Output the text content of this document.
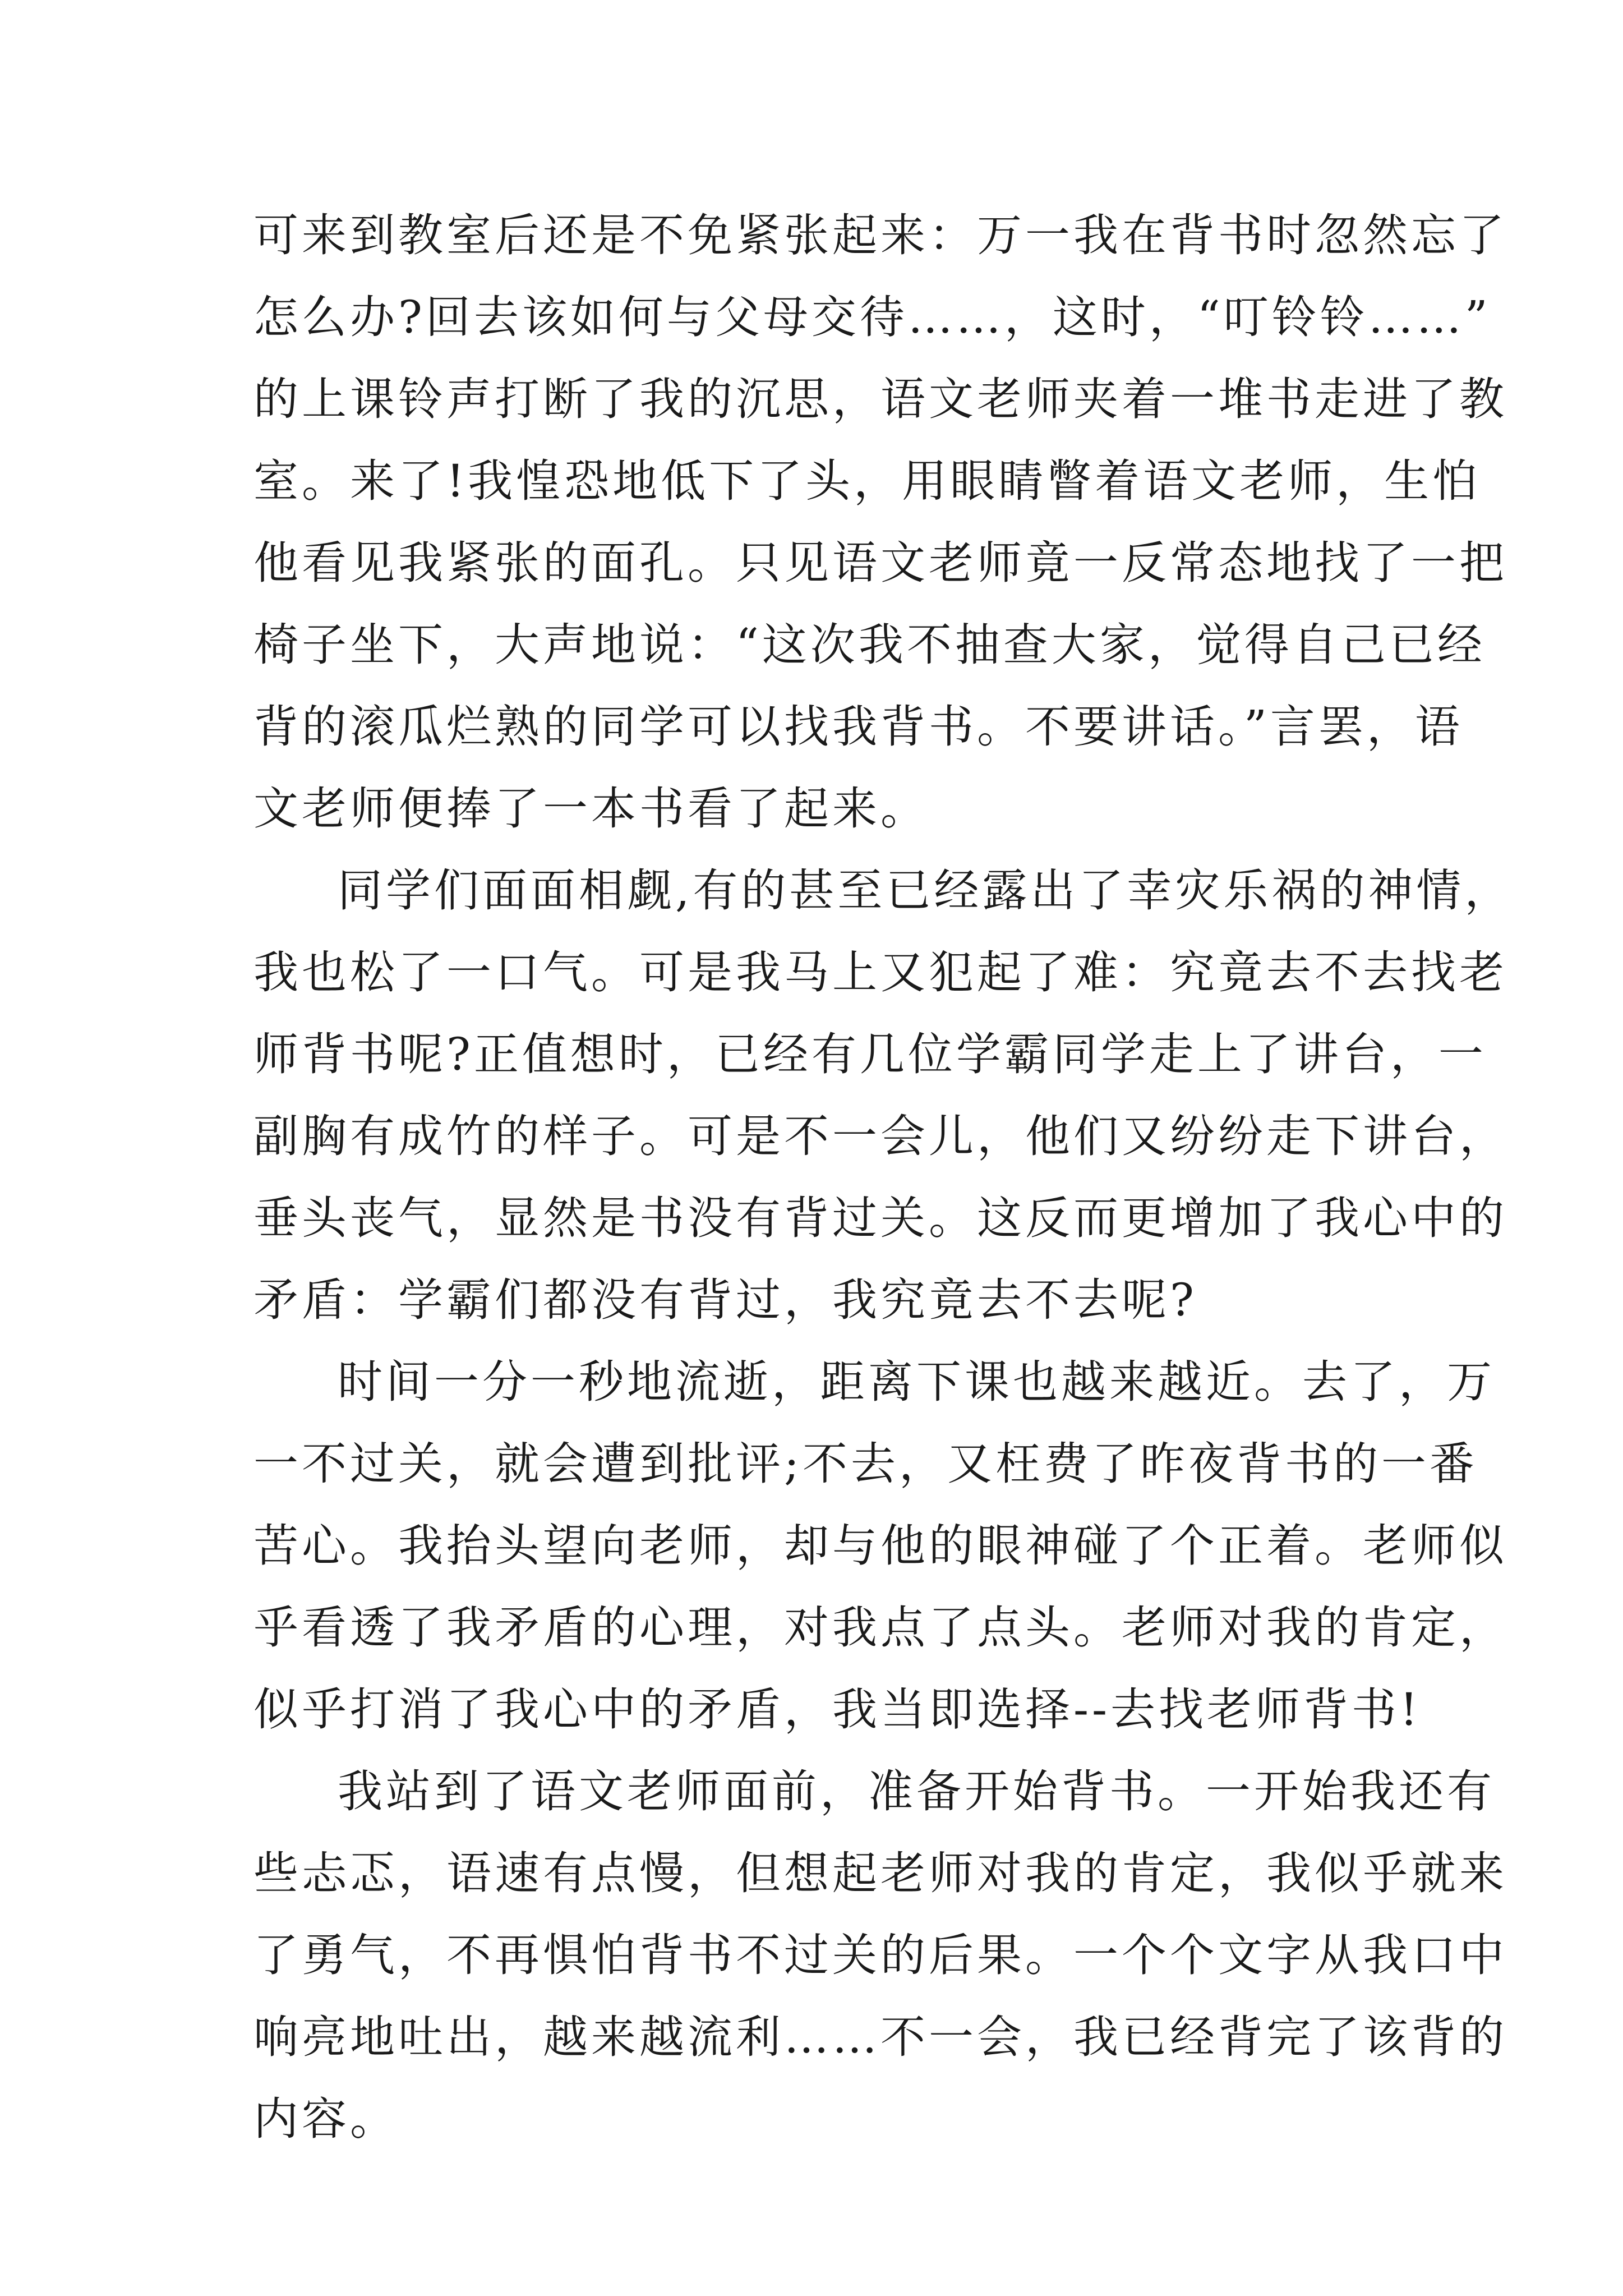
可来到教室后还是不免紧张起来：万一我在背书时忽然忘了
怎么办?回去该如何与父母交待……，这时，“叮铃铃……”
的上课铃声打断了我的沉思，语文老师夹着一堆书走进了教
室。来了!我惶恐地低下了头，用眼睛瞥着语文老师，生怕
他看见我紧张的面孔。只见语文老师竟一反常态地找了一把
椅子坐下，大声地说：“这次我不抽查大家，觉得自己已经
背的滚瓜烂熟的同学可以找我背书。不要讲话。”言罢，语
文老师便捧了一本书看了起来。
同学们面面相觑,有的甚至已经露出了幸灾乐祸的神情，
我也松了一口气。可是我马上又犯起了难：究竟去不去找老
师背书呢?正值想时，已经有几位学霸同学走上了讲台，一
副胸有成竹的样子。可是不一会儿，他们又纷纷走下讲台，
垂头丧气，显然是书没有背过关。这反而更增加了我心中的
矛盾：学霸们都没有背过，我究竟去不去呢?
时间一分一秒地流逝，距离下课也越来越近。去了，万
一不过关，就会遭到批评;不去，又枉费了昨夜背书的一番
苦心。我抬头望向老师，却与他的眼神碰了个正着。老师似
乎看透了我矛盾的心理，对我点了点头。老师对我的肯定，
似乎打消了我心中的矛盾，我当即选择--去找老师背书!
我站到了语文老师面前，准备开始背书。一开始我还有
些忐忑，语速有点慢，但想起老师对我的肯定，我似乎就来
了勇气，不再惧怕背书不过关的后果。一个个文字从我口中
响亮地吐出，越来越流利……不一会，我已经背完了该背的
内容。
